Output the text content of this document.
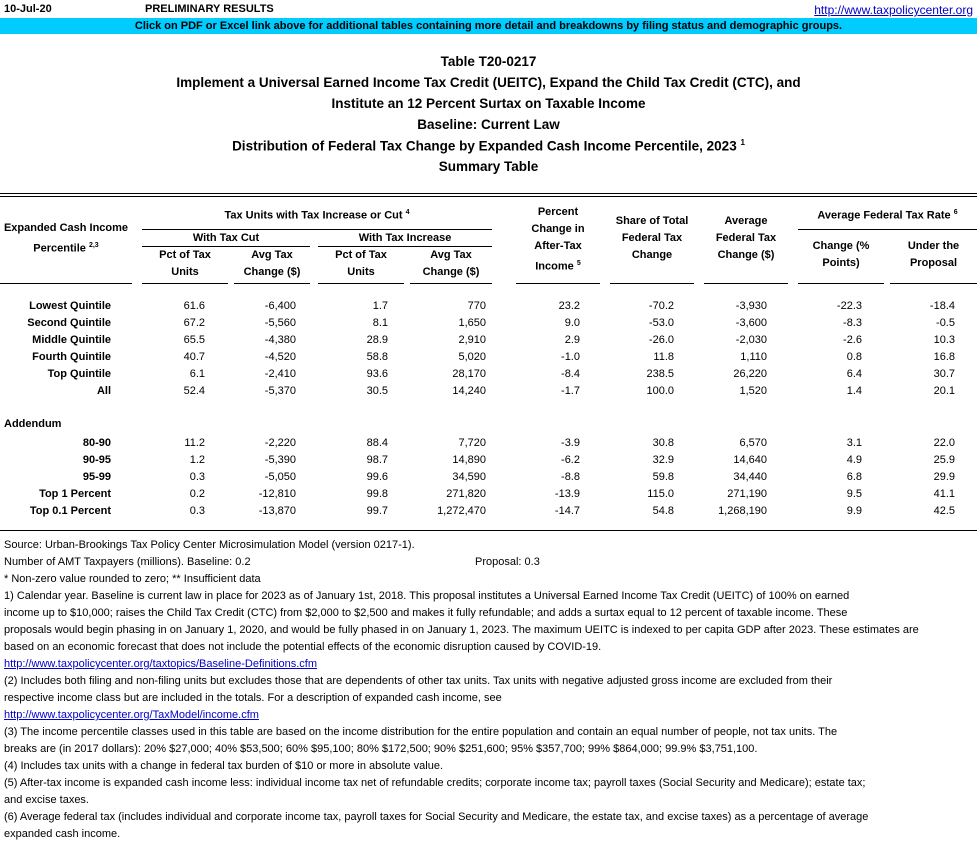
10-Jul-20	PRELIMINARY RESULTS	http://www.taxpolicycenter.org
Click on PDF or Excel link above for additional tables containing more detail and breakdowns by filing status and demographic groups.
Table T20-0217
Implement a Universal Earned Income Tax Credit (UEITC), Expand the Child Tax Credit (CTC), and
Institute an 12 Percent Surtax on Taxable Income
Baseline: Current Law
Distribution of Federal Tax Change by Expanded Cash Income Percentile, 2023 $^1$
Summary Table
Expanded Cash Income
Percentile $^{2,3}$
Tax Units with Tax Increase or Cut $^4$
With Tax Cut	With Tax Increase
Pct of Tax
Units
Avg Tax
Change ($)
Pct of Tax
Units
Avg Tax
Change ($)
Percent
Change in
After-Tax
Income $^5$
Share of Total
Federal Tax
Change
Average
Federal Tax
Change ($)
Average Federal Tax Rate $^6$
Change (%
Points)
Under the
Proposal
Lowest Quintile	61.6	-6,400	1.7	770	23.2	-70.2	-3,930	-22.3	-18.4
Second Quintile	67.2	-5,560	8.1	1,650	9.0	-53.0	-3,600	-8.3	-0.5
Middle Quintile	65.5	-4,380	28.9	2,910	2.9	-26.0	-2,030	-2.6	10.3
Fourth Quintile	40.7	-4,520	58.8	5,020	-1.0	11.8	1,110	0.8	16.8
Top Quintile	6.1	-2,410	93.6	28,170	-8.4	238.5	26,220	6.4	30.7
All	52.4	-5,370	30.5	14,240	-1.7	100.0	1,520	1.4	20.1
Addendum
80-90	11.2	-2,220	88.4	7,720	-3.9	30.8	6,570	3.1	22.0
90-95	1.2	-5,390	98.7	14,890	-6.2	32.9	14,640	4.9	25.9
95-99	0.3	-5,050	99.6	34,590	-8.8	59.8	34,440	6.8	29.9
Top 1 Percent	0.2	-12,810	99.8	271,820	-13.9	115.0	271,190	9.5	41.1
Top 0.1 Percent	0.3	-13,870	99.7	1,272,470	-14.7	54.8	1,268,190	9.9	42.5
Source: Urban-Brookings Tax Policy Center Microsimulation Model (version 0217-1).
Number of AMT Taxpayers (millions). Baseline: 0.2	Proposal: 0.3
* Non-zero value rounded to zero; ** Insufficient data
1) Calendar year. Baseline is current law in place for 2023 as of January 1st, 2018. This proposal institutes a Universal Earned Income Tax Credit (UEITC) of 100% on earned
income up to $10,000; raises the Child Tax Credit (CTC) from $2,000 to $2,500 and makes it fully refundable; and adds a surtax equal to 12 percent of taxable income. These
proposals would begin phasing in on January 1, 2020, and would be fully phased in on January 1, 2023. The maximum UEITC is indexed to per capita GDP after 2023. These estimates are
based on an economic forecast that does not include the potential effects of the economic disruption caused by COVID-19.
http://www.taxpolicycenter.org/taxtopics/Baseline-Definitions.cfm
(2) Includes both filing and non-filing units but excludes those that are dependents of other tax units. Tax units with negative adjusted gross income are excluded from their
respective income class but are included in the totals. For a description of expanded cash income, see
http://www.taxpolicycenter.org/TaxModel/income.cfm
(3) The income percentile classes used in this table are based on the income distribution for the entire population and contain an equal number of people, not tax units. The
breaks are (in 2017 dollars): 20% $27,000; 40% $53,500; 60% $95,100; 80% $172,500; 90% $251,600; 95% $357,700; 99% $864,000; 99.9% $3,751,100.
(4) Includes tax units with a change in federal tax burden of $10 or more in absolute value.
(5) After-tax income is expanded cash income less: individual income tax net of refundable credits; corporate income tax; payroll taxes (Social Security and Medicare); estate tax;
and excise taxes.
(6) Average federal tax (includes individual and corporate income tax, payroll taxes for Social Security and Medicare, the estate tax, and excise taxes) as a percentage of average
expanded cash income.
